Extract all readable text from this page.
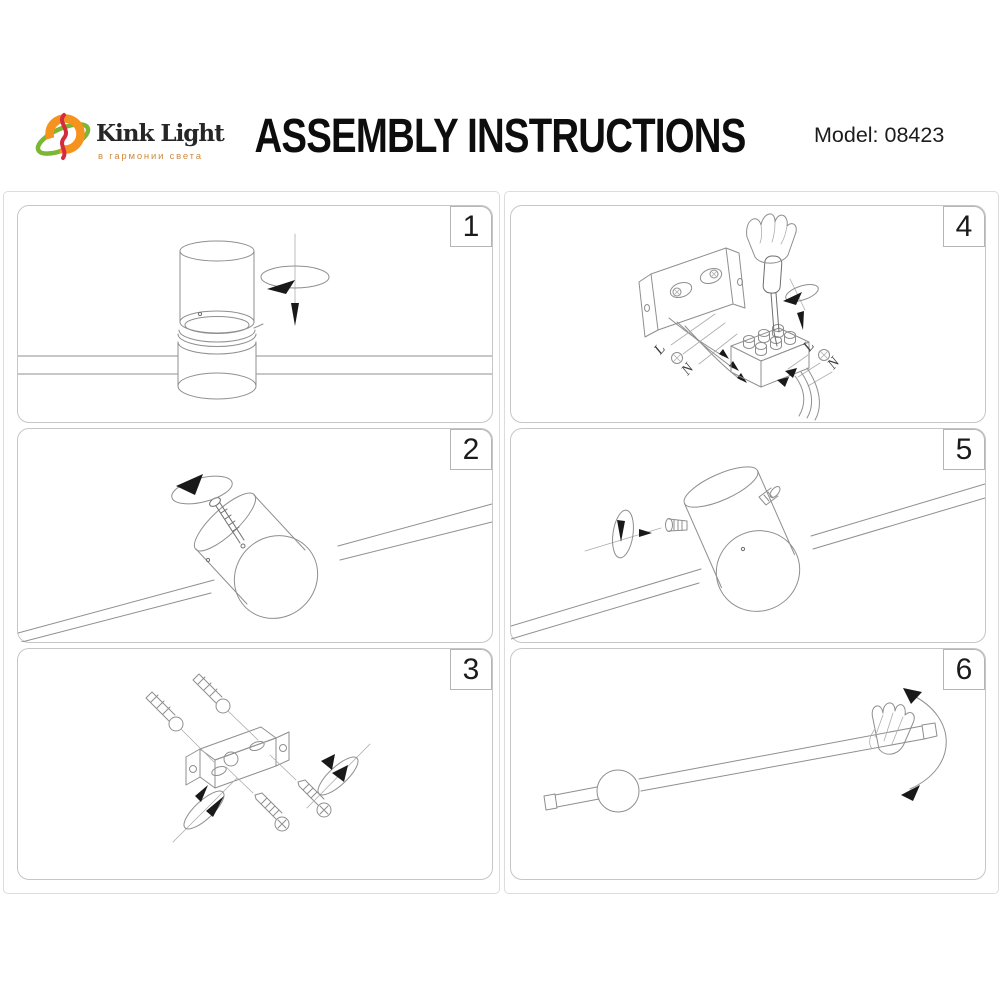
Kink Light
в гармонии света ASSEMBLY INSTRUCTIONS	Model: 08423
1
2
3
L
N
L
N
4
5
6
